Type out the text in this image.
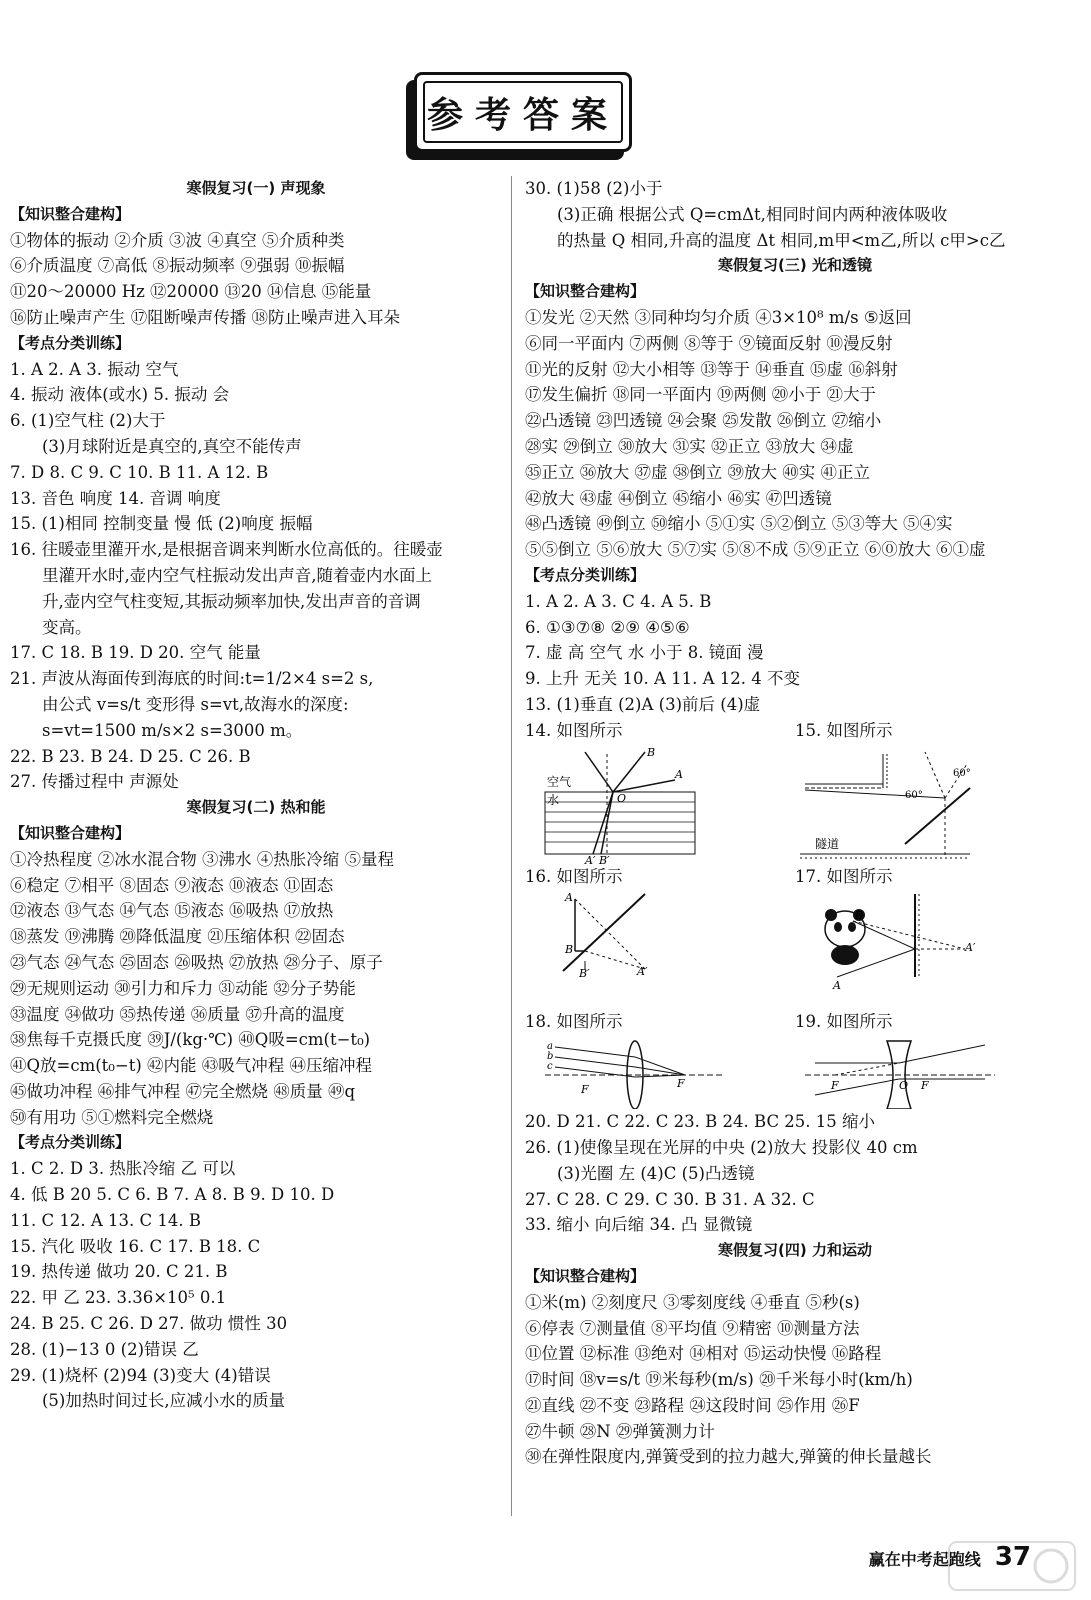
参考答案
寒假复习(一) 声现象
【知识整合建构】
①物体的振动 ②介质 ③波 ④真空 ⑤介质种类
⑥介质温度 ⑦高低 ⑧振动频率 ⑨强弱 ⑩振幅
⑪20～20000 Hz ⑫20000 ⑬20 ⑭信息 ⑮能量
⑯防止噪声产生 ⑰阻断噪声传播 ⑱防止噪声进入耳朵
【考点分类训练】
1. A 2. A 3. 振动 空气
4. 振动 液体(或水) 5. 振动 会
6. (1)空气柱 (2)大于
(3)月球附近是真空的,真空不能传声
7. D 8. C 9. C 10. B 11. A 12. B
13. 音色 响度 14. 音调 响度
15. (1)相同 控制变量 慢 低 (2)响度 振幅
16. 往暖壶里灌开水,是根据音调来判断水位高低的。往暖壶
里灌开水时,壶内空气柱振动发出声音,随着壶内水面上
升,壶内空气柱变短,其振动频率加快,发出声音的音调
变高。
17. C 18. B 19. D 20. 空气 能量
21. 声波从海面传到海底的时间:t=1/2×4 s=2 s,
由公式 v=s/t 变形得 s=vt,故海水的深度:
s=vt=1500 m/s×2 s=3000 m。
22. B 23. B 24. D 25. C 26. B
27. 传播过程中 声源处
寒假复习(二) 热和能
【知识整合建构】
①冷热程度 ②冰水混合物 ③沸水 ④热胀冷缩 ⑤量程
⑥稳定 ⑦相平 ⑧固态 ⑨液态 ⑩液态 ⑪固态
⑫液态 ⑬气态 ⑭气态 ⑮液态 ⑯吸热 ⑰放热
⑱蒸发 ⑲沸腾 ⑳降低温度 ㉑压缩体积 ㉒固态
㉓气态 ㉔气态 ㉕固态 ㉖吸热 ㉗放热 ㉘分子、原子
㉙无规则运动 ㉚引力和斥力 ㉛动能 ㉜分子势能
㉝温度 ㉞做功 ㉟热传递 ㊱质量 ㊲升高的温度
㊳焦每千克摄氏度 ㊴J/(kg·℃) ㊵Q吸=cm(t−t₀)
㊶Q放=cm(t₀−t) ㊷内能 ㊸吸气冲程 ㊹压缩冲程
㊺做功冲程 ㊻排气冲程 ㊼完全燃烧 ㊽质量 ㊾q
㊿有用功 ⑤①燃料完全燃烧
【考点分类训练】
1. C 2. D 3. 热胀冷缩 乙 可以
4. 低 B 20 5. C 6. B 7. A 8. B 9. D 10. D
11. C 12. A 13. C 14. B
15. 汽化 吸收 16. C 17. B 18. C
19. 热传递 做功 20. C 21. B
22. 甲 乙 23. 3.36×10⁵ 0.1
24. B 25. C 26. D 27. 做功 惯性 30
28. (1)−13 0 (2)错误 乙
29. (1)烧杯 (2)94 (3)变大 (4)错误
(5)加热时间过长,应减小水的质量
30. (1)58 (2)小于
(3)正确 根据公式 Q=cmΔt,相同时间内两种液体吸收
的热量 Q 相同,升高的温度 Δt 相同,m甲<m乙,所以 c甲>c乙
寒假复习(三) 光和透镜
【知识整合建构】
①发光 ②天然 ③同种均匀介质 ④3×10⁸ m/s ⑤返回
⑥同一平面内 ⑦两侧 ⑧等于 ⑨镜面反射 ⑩漫反射
⑪光的反射 ⑫大小相等 ⑬等于 ⑭垂直 ⑮虚 ⑯斜射
⑰发生偏折 ⑱同一平面内 ⑲两侧 ⑳小于 ㉑大于
㉒凸透镜 ㉓凹透镜 ㉔会聚 ㉕发散 ㉖倒立 ㉗缩小
㉘实 ㉙倒立 ㉚放大 ㉛实 ㉜正立 ㉝放大 ㉞虚
㉟正立 ㊱放大 ㊲虚 ㊳倒立 ㊴放大 ㊵实 ㊶正立
㊷放大 ㊸虚 ㊹倒立 ㊺缩小 ㊻实 ㊼凹透镜
㊽凸透镜 ㊾倒立 ㊿缩小 ⑤①实 ⑤②倒立 ⑤③等大 ⑤④实
⑤⑤倒立 ⑤⑥放大 ⑤⑦实 ⑤⑧不成 ⑤⑨正立 ⑥⓪放大 ⑥①虚
【考点分类训练】
1. A 2. A 3. C 4. A 5. B
6. ①③⑦⑧ ②⑨ ④⑤⑥
7. 虚 高 空气 水 小于 8. 镜面 漫
9. 上升 无关 10. A 11. A 12. 4 不变
13. (1)垂直 (2)A (3)前后 (4)虚
14. 如图所示	15. 如图所示
空气
水
B
A
O
A′ B′
60°
60°
隧道
16. 如图所示	17. 如图所示
A
B
B′	A′
B
A
A′
18. 如图所示	19. 如图所示
a
b
c
F	F	F	O F
20. D 21. C 22. C 23. B 24. BC 25. 15 缩小
26. (1)使像呈现在光屏的中央 (2)放大 投影仪 40 cm
(3)光圈 左 (4)C (5)凸透镜
27. C 28. C 29. C 30. B 31. A 32. C
33. 缩小 向后缩 34. 凸 显微镜
寒假复习(四) 力和运动
【知识整合建构】
①米(m) ②刻度尺 ③零刻度线 ④垂直 ⑤秒(s)
⑥停表 ⑦测量值 ⑧平均值 ⑨精密 ⑩测量方法
⑪位置 ⑫标准 ⑬绝对 ⑭相对 ⑮运动快慢 ⑯路程
⑰时间 ⑱v=s/t ⑲米每秒(m/s) ⑳千米每小时(km/h)
㉑直线 ㉒不变 ㉓路程 ㉔这段时间 ㉕作用 ㉖F
㉗牛顿 ㉘N ㉙弹簧测力计
㉚在弹性限度内,弹簧受到的拉力越大,弹簧的伸长量越长
赢在中考起跑线 37
